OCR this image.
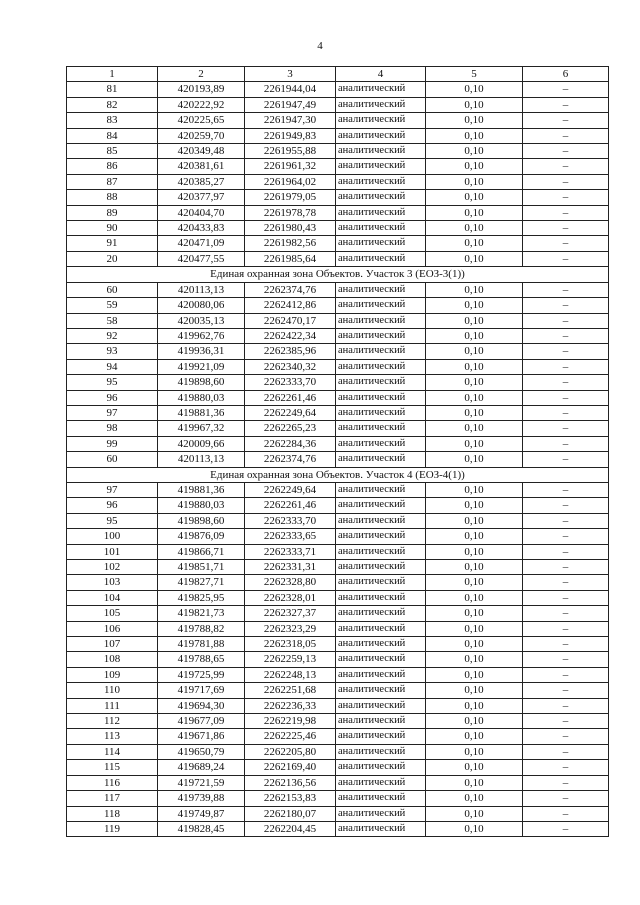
4
1	2	3	4	5	6
81	420193,89	2261944,04	аналитический	0,10	–
82	420222,92	2261947,49	аналитический	0,10	–
83	420225,65	2261947,30	аналитический	0,10	–
84	420259,70	2261949,83	аналитический	0,10	–
85	420349,48	2261955,88	аналитический	0,10	–
86	420381,61	2261961,32	аналитический	0,10	–
87	420385,27	2261964,02	аналитический	0,10	–
88	420377,97	2261979,05	аналитический	0,10	–
89	420404,70	2261978,78	аналитический	0,10	–
90	420433,83	2261980,43	аналитический	0,10	–
91	420471,09	2261982,56	аналитический	0,10	–
20	420477,55	2261985,64	аналитический	0,10	–
Единая охранная зона Объектов. Участок 3 (ЕОЗ-3(1))					
60	420113,13	2262374,76	аналитический	0,10	–
59	420080,06	2262412,86	аналитический	0,10	–
58	420035,13	2262470,17	аналитический	0,10	–
92	419962,76	2262422,34	аналитический	0,10	–
93	419936,31	2262385,96	аналитический	0,10	–
94	419921,09	2262340,32	аналитический	0,10	–
95	419898,60	2262333,70	аналитический	0,10	–
96	419880,03	2262261,46	аналитический	0,10	–
97	419881,36	2262249,64	аналитический	0,10	–
98	419967,32	2262265,23	аналитический	0,10	–
99	420009,66	2262284,36	аналитический	0,10	–
60	420113,13	2262374,76	аналитический	0,10	–
Единая охранная зона Объектов. Участок 4 (ЕОЗ-4(1))					
97	419881,36	2262249,64	аналитический	0,10	–
96	419880,03	2262261,46	аналитический	0,10	–
95	419898,60	2262333,70	аналитический	0,10	–
100	419876,09	2262333,65	аналитический	0,10	–
101	419866,71	2262333,71	аналитический	0,10	–
102	419851,71	2262331,31	аналитический	0,10	–
103	419827,71	2262328,80	аналитический	0,10	–
104	419825,95	2262328,01	аналитический	0,10	–
105	419821,73	2262327,37	аналитический	0,10	–
106	419788,82	2262323,29	аналитический	0,10	–
107	419781,88	2262318,05	аналитический	0,10	–
108	419788,65	2262259,13	аналитический	0,10	–
109	419725,99	2262248,13	аналитический	0,10	–
110	419717,69	2262251,68	аналитический	0,10	–
111	419694,30	2262236,33	аналитический	0,10	–
112	419677,09	2262219,98	аналитический	0,10	–
113	419671,86	2262225,46	аналитический	0,10	–
114	419650,79	2262205,80	аналитический	0,10	–
115	419689,24	2262169,40	аналитический	0,10	–
116	419721,59	2262136,56	аналитический	0,10	–
117	419739,88	2262153,83	аналитический	0,10	–
118	419749,87	2262180,07	аналитический	0,10	–
119	419828,45	2262204,45	аналитический	0,10	–
